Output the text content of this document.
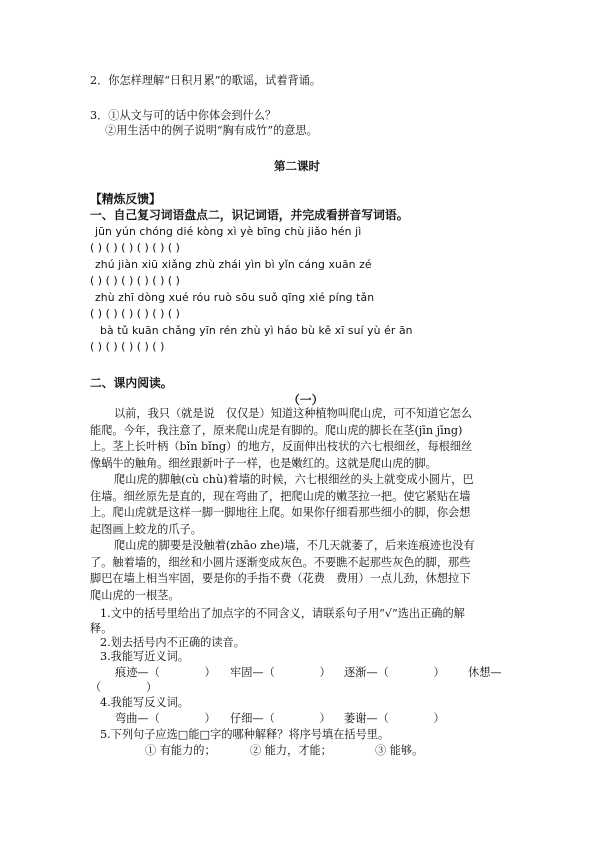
2．你怎样理解“日积月累”的歌谣，试着背诵。
3．①从文与可的话中你体会到什么？
②用生活中的例子说明“胸有成竹”的意思。
第二课时
【精炼反馈】
一、自己复习词语盘点二，识记词语，并完成看拼音写词语。
jūn yún chóng dié kòng xì yè bīng chù jiǎo hén jì
( ) ( ) ( ) ( ) ( ) ( )
zhú jiàn xiū xiǎng zhù zhái yìn bì yǐn cáng xuān zé
( ) ( ) ( ) ( ) ( ) ( )
zhù zhī dòng xué róu ruò sōu suǒ qīng xié píng tǎn
( ) ( ) ( ) ( ) ( ) ( )
bà tǔ kuān chǎng yīn rén zhù yì háo bù kě xī suí yù ér ān
( ) ( ) ( ) ( ) ( )
二、课内阅读。
（一）
以前，我只（就是说　仅仅是）知道这种植物叫爬山虎，可不知道它怎么
能爬。今年，我注意了，原来爬山虎是有脚的。爬山虎的脚长在茎(jīn jīng)
上。茎上长叶柄（bǐn bǐng）的地方，反面伸出枝状的六七根细丝，每根细丝
像蜗牛的触角。细丝跟新叶子一样，也是嫩红的。这就是爬山虎的脚。
爬山虎的脚触(cù chù)着墙的时候，六七根细丝的头上就变成小圆片，巴
住墙。细丝原先是直的，现在弯曲了，把爬山虎的嫩茎拉一把。使它紧贴在墙
上。爬山虎就是这样一脚一脚地往上爬。如果你仔细看那些细小的脚，你会想
起图画上蛟龙的爪子。
爬山虎的脚要是没触着(zhāo zhe)墙，不几天就萎了，后来连痕迹也没有
了。触着墙的，细丝和小圆片逐渐变成灰色。不要瞧不起那些灰色的脚，那些
脚巴在墙上相当牢固，要是你的手指不费（花费　费用）一点儿劲，休想拉下
爬山虎的一根茎。
1.文中的括号里给出了加点字的不同含义，请联系句子用“√”选出正确的解
释。
2.划去括号内不正确的读音。
3.我能写近义词。
痕迹—（　　　　） 牢固—（　　　　） 逐渐—（　　　　） 休想—
（　　　　）
4.我能写反义词。
弯曲—（　　　　） 仔细—（　　　　） 萎谢—（　　　　）
5.下列句子应选□能□字的哪种解释？将序号填在括号里。
① 有能力的；	② 能力，才能；	③ 能够。
